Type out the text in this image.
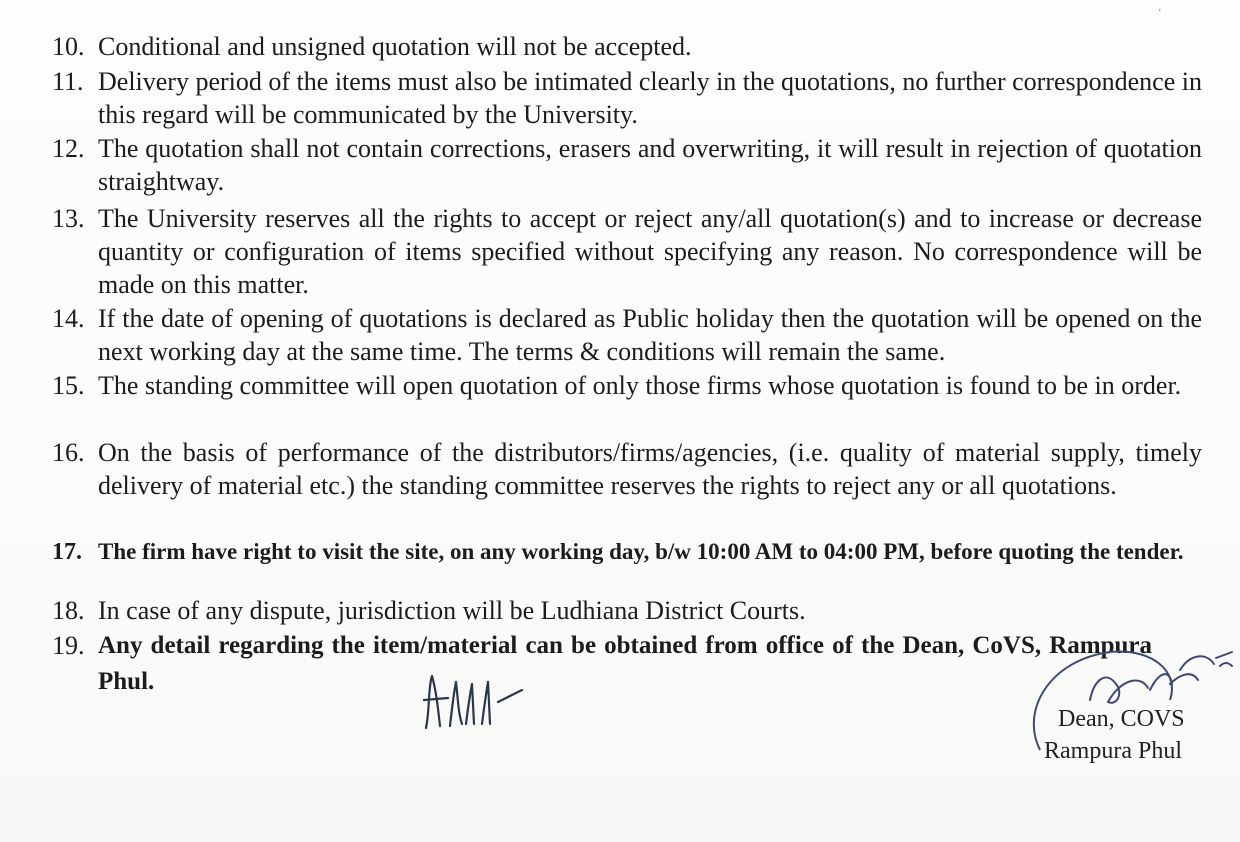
10. Conditional and unsigned quotation will not be accepted.
11. Delivery period of the items must also be intimated clearly in the quotations, no further correspondence in this regard will be communicated by the University.
12. The quotation shall not contain corrections, erasers and overwriting, it will result in rejection of quotation straightway.
13. The University reserves all the rights to accept or reject any/all quotation(s) and to increase or decrease quantity or configuration of items specified without specifying any reason. No correspondence will be made on this matter.
14. If the date of opening of quotations is declared as Public holiday then the quotation will be opened on the next working day at the same time. The terms & conditions will remain the same.
15. The standing committee will open quotation of only those firms whose quotation is found to be in order.
16. On the basis of performance of the distributors/firms/agencies, (i.e. quality of material supply, timely delivery of material etc.) the standing committee reserves the rights to reject any or all quotations.
17. The firm have right to visit the site, on any working day, b/w 10:00 AM to 04:00 PM, before quoting the tender.
18. In case of any dispute, jurisdiction will be Ludhiana District Courts.
19. Any detail regarding the item/material can be obtained from office of the Dean, CoVS, Rampura Phul.
Dean, COVS
Rampura Phul
ʼ
